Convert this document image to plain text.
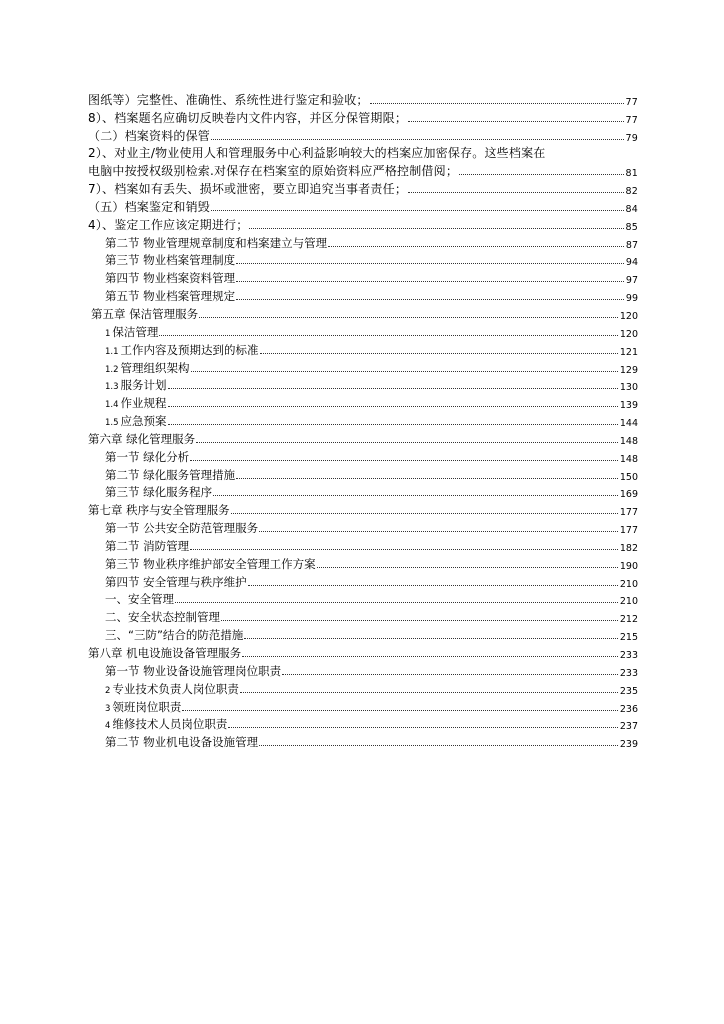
图纸等）完整性、准确性、系统性进行鉴定和验收；	77
8）、档案题名应确切反映卷内文件内容，并区分保管期限；	77
（二）档案资料的保管	79
2）、对业主/物业使用人和管理服务中心利益影响较大的档案应加密保存。这些档案在
电脑中按授权级别检索.对保存在档案室的原始资料应严格控制借阅；	81
7）、档案如有丢失、损坏或泄密，要立即追究当事者责任；	82
（五）档案鉴定和销毁	84
4）、鉴定工作应该定期进行；	85
第二节 物业管理规章制度和档案建立与管理	87
第三节 物业档案管理制度	94
第四节 物业档案资料管理	97
第五节 物业档案管理规定	99
第五章 保洁管理服务	120
1 保洁管理	120
1.1 工作内容及预期达到的标准	121
1.2 管理组织架构	129
1.3 服务计划	130
1.4 作业规程	139
1.5 应急预案	144
第六章 绿化管理服务	148
第一节 绿化分析	148
第二节 绿化服务管理措施	150
第三节 绿化服务程序	169
第七章 秩序与安全管理服务	177
第一节 公共安全防范管理服务	177
第二节 消防管理	182
第三节 物业秩序维护部安全管理工作方案	190
第四节 安全管理与秩序维护	210
一、安全管理	210
二、安全状态控制管理	212
三、“三防”结合的防范措施	215
第八章 机电设施设备管理服务	233
第一节 物业设备设施管理岗位职责	233
2 专业技术负责人岗位职责	235
3 领班岗位职责	236
4 维修技术人员岗位职责	237
第二节 物业机电设备设施管理	239
